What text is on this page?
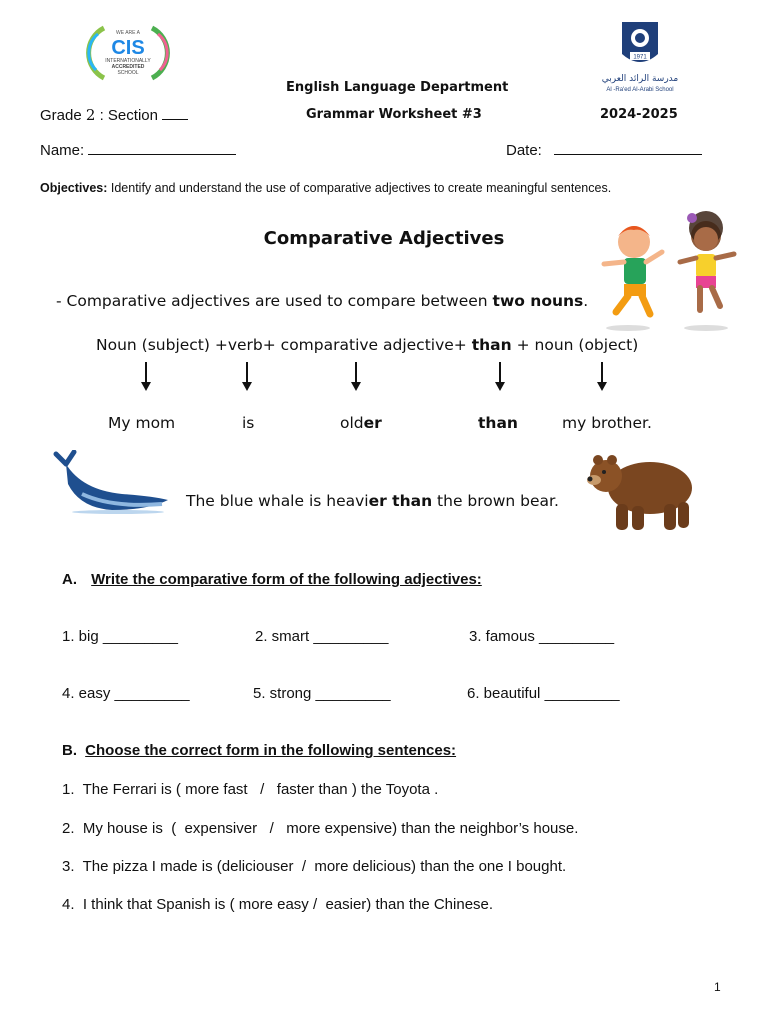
WE ARE A
CIS
INTERNATIONALLY
ACCREDITED
SCHOOL
1971
مدرسة الرائد العربي
Al -Ra'ed Al-Arabi School
English Language Department
Grade 2 : Section	Grammar Worksheet #3	2024-2025
Name:	Date:
Objectives: Identify and understand the use of comparative adjectives to create meaningful sentences.
Comparative Adjectives
- Comparative adjectives are used to compare between two nouns.
Noun (subject) +verb+ comparative adjective+ than + noun (object)
My mom	is	older	than	my brother.
The blue whale is heavier than the brown bear.
A. Write the comparative form of the following adjectives:
1. big _________	2. smart _________	3. famous _________
4. easy _________	5. strong _________	6. beautiful _________
B. Choose the correct form in the following sentences:
1.  The Ferrari is ( more fast   /   faster than ) the Toyota .
2.  My house is  (  expensiver   /   more expensive) than the neighbor’s house.
3.  The pizza I made is (deliciouser  /  more delicious) than the one I bought.
4.  I think that Spanish is ( more easy /  easier) than the Chinese.
1
